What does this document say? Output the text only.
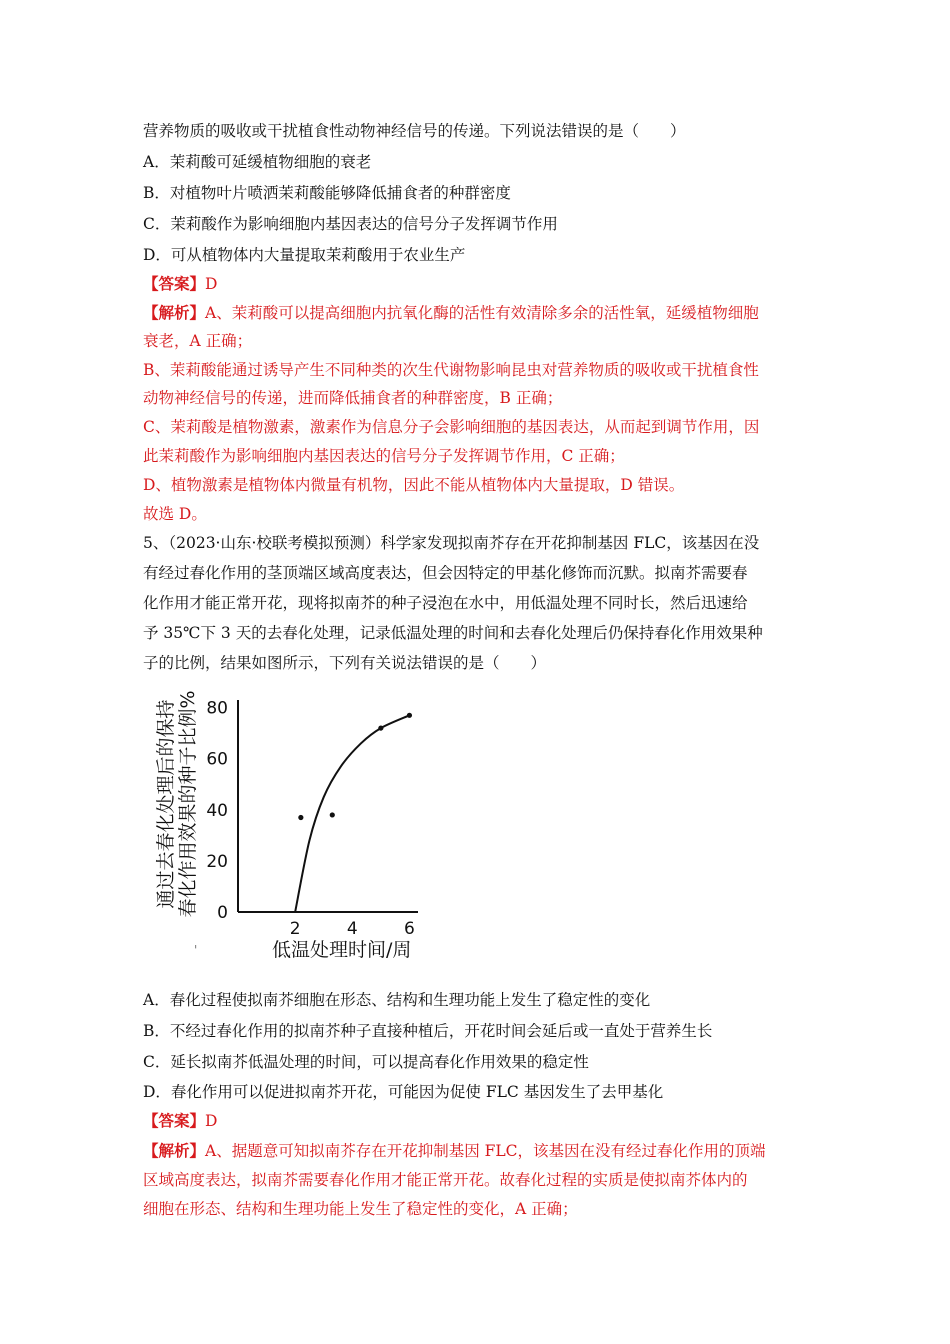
营养物质的吸收或干扰植食性动物神经信号的传递。下列说法错误的是（　　）
A．茉莉酸可延缓植物细胞的衰老
B．对植物叶片喷洒茉莉酸能够降低捕食者的种群密度
C．茉莉酸作为影响细胞内基因表达的信号分子发挥调节作用
D．可从植物体内大量提取茉莉酸用于农业生产
【答案】D
【解析】A、茉莉酸可以提高细胞内抗氧化酶的活性有效清除多余的活性氧，延缓植物细胞
衰老，A 正确；
B、茉莉酸能通过诱导产生不同种类的次生代谢物影响昆虫对营养物质的吸收或干扰植食性
动物神经信号的传递，进而降低捕食者的种群密度，B 正确；
C、茉莉酸是植物激素，激素作为信息分子会影响细胞的基因表达，从而起到调节作用，因
此茉莉酸作为影响细胞内基因表达的信号分子发挥调节作用，C 正确；
D、植物激素是植物体内微量有机物，因此不能从植物体内大量提取，D 错误。
故选 D。
5、（2023·山东·校联考模拟预测）科学家发现拟南芥存在开花抑制基因 FLC，该基因在没
有经过春化作用的茎顶端区域高度表达，但会因特定的甲基化修饰而沉默。拟南芥需要春
化作用才能正常开花，现将拟南芥的种子浸泡在水中，用低温处理不同时长，然后迅速给
予 35℃下 3 天的去春化处理，记录低温处理的时间和去春化处理后仍保持春化作用效果种
子的比例，结果如图所示，下列有关说法错误的是（　　）
通过去春化处理后的保持 春化作用效果的种子比例%
2	4	6
0
20
40
60
80
低温处理时间/周
'
A．春化过程使拟南芥细胞在形态、结构和生理功能上发生了稳定性的变化
B．不经过春化作用的拟南芥种子直接种植后，开花时间会延后或一直处于营养生长
C．延长拟南芥低温处理的时间，可以提高春化作用效果的稳定性
D．春化作用可以促进拟南芥开花，可能因为促使 FLC 基因发生了去甲基化
【答案】D
【解析】A、据题意可知拟南芥存在开花抑制基因 FLC，该基因在没有经过春化作用的顶端
区域高度表达，拟南芥需要春化作用才能正常开花。故春化过程的实质是使拟南芥体内的
细胞在形态、结构和生理功能上发生了稳定性的变化，A 正确；
